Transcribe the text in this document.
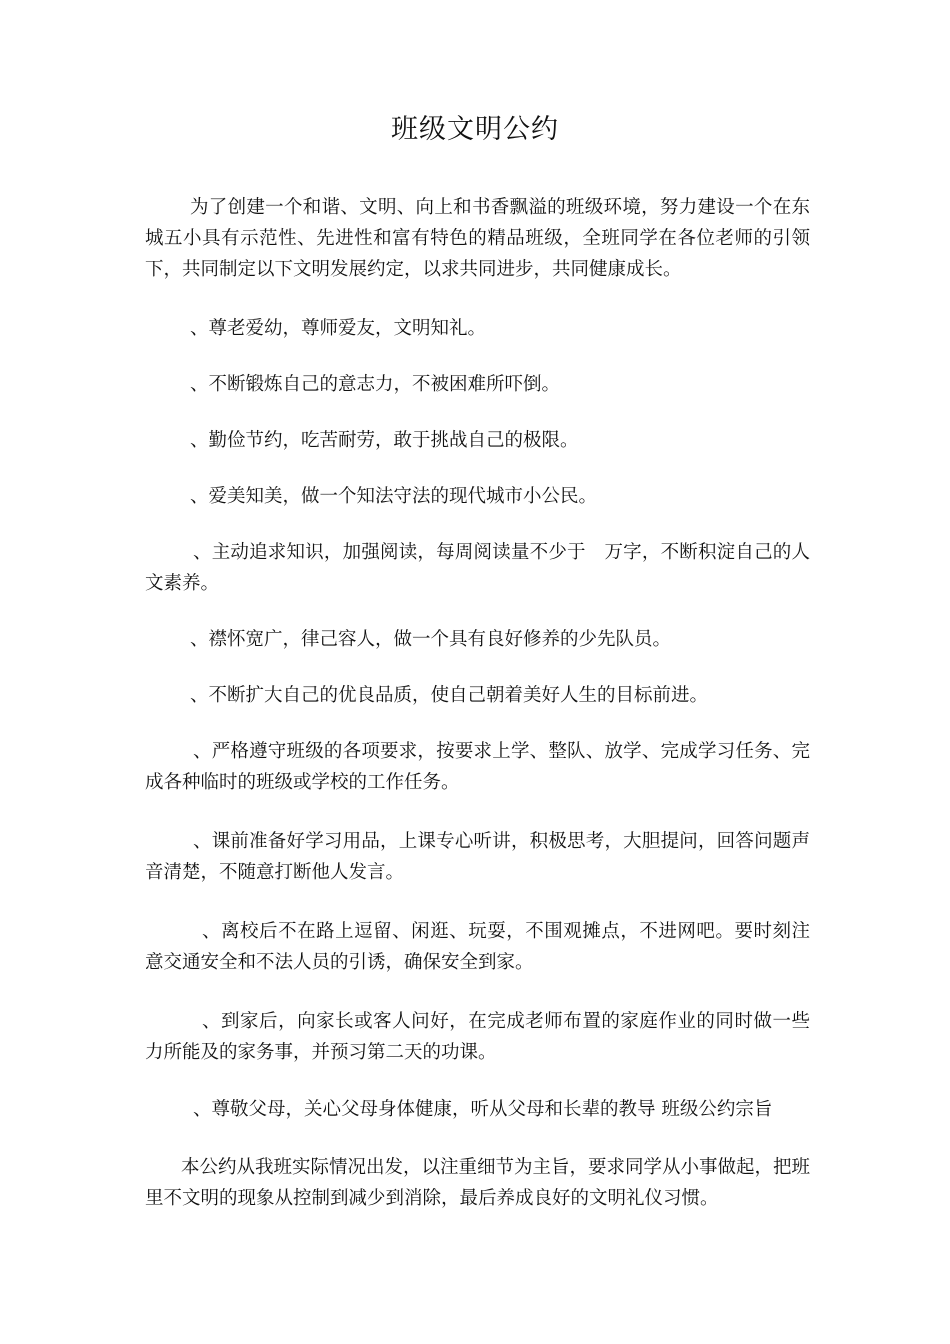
班级文明公约

为了创建一个和谐、文明、向上和书香飘溢的班级环境，努力建设一个在东城五小具有示范性、先进性和富有特色的精品班级，全班同学在各位老师的引领下，共同制定以下文明发展约定，以求共同进步，共同健康成长。

、尊老爱幼，尊师爱友，文明知礼。

、不断锻炼自己的意志力，不被困难所吓倒。

、勤俭节约，吃苦耐劳，敢于挑战自己的极限。

、爱美知美，做一个知法守法的现代城市小公民。

、主动追求知识，加强阅读，每周阅读量不少于　万字，不断积淀自己的人文素养。

、襟怀宽广，律己容人，做一个具有良好修养的少先队员。

、不断扩大自己的优良品质，使自己朝着美好人生的目标前进。

、严格遵守班级的各项要求，按要求上学、整队、放学、完成学习任务、完成各种临时的班级或学校的工作任务。

、课前准备好学习用品，上课专心听讲，积极思考，大胆提问，回答问题声音清楚，不随意打断他人发言。

、离校后不在路上逗留、闲逛、玩耍，不围观摊点，不进网吧。要时刻注意交通安全和不法人员的引诱，确保安全到家。

、到家后，向家长或客人问好，在完成老师布置的家庭作业的同时做一些力所能及的家务事，并预习第二天的功课。

、尊敬父母，关心父母身体健康，听从父母和长辈的教导 班级公约宗旨

本公约从我班实际情况出发，以注重细节为主旨，要求同学从小事做起，把班里不文明的现象从控制到减少到消除，最后养成良好的文明礼仪习惯。
